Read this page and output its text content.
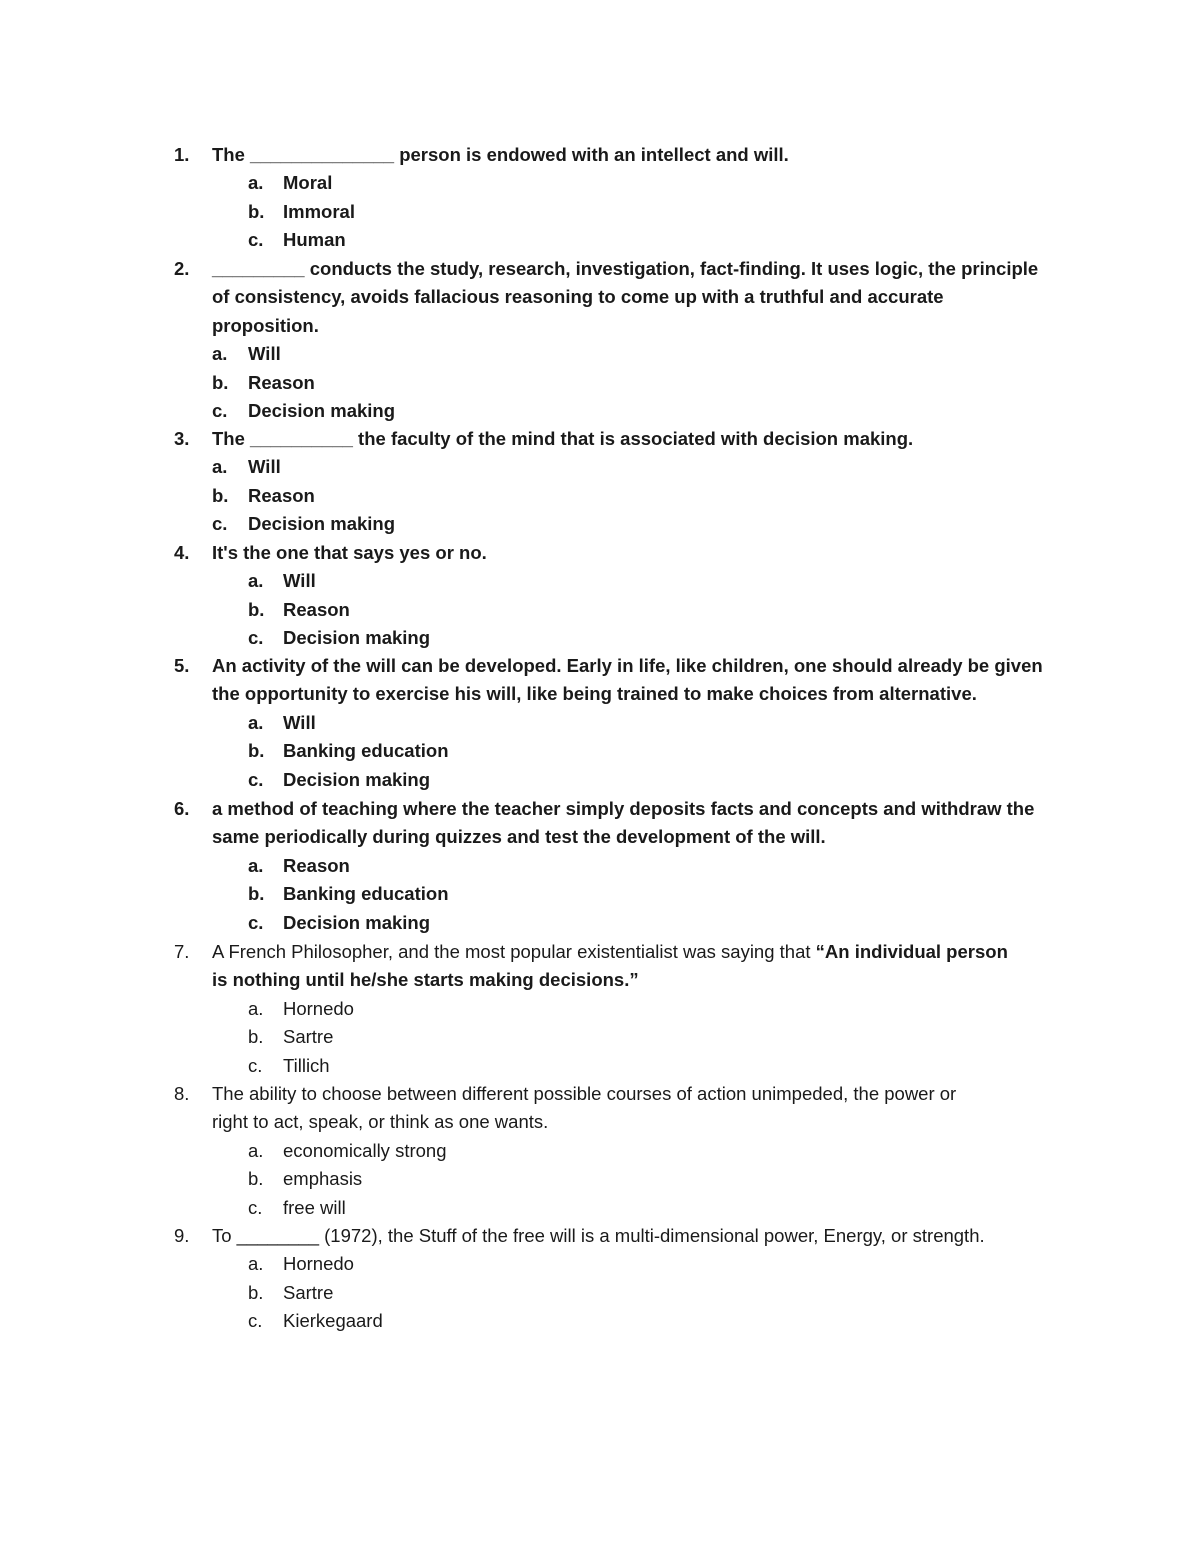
1. The ______________ person is endowed with an intellect and will.
a. Moral
b. Immoral
c. Human
2. _________ conducts the study, research, investigation, fact-finding. It uses logic, the principle
of consistency, avoids fallacious reasoning to come up with a truthful and accurate
proposition.
a. Will
b. Reason
c. Decision making
3. The __________ the faculty of the mind that is associated with decision making.
a. Will
b. Reason
c. Decision making
4. It's the one that says yes or no.
a. Will
b. Reason
c. Decision making
5. An activity of the will can be developed. Early in life, like children, one should already be given
the opportunity to exercise his will, like being trained to make choices from alternative.
a. Will
b. Banking education
c. Decision making
6. a method of teaching where the teacher simply deposits facts and concepts and withdraw the
same periodically during quizzes and test the development of the will.
a. Reason
b. Banking education
c. Decision making
7. A French Philosopher, and the most popular existentialist was saying that “An individual person
is nothing until he/she starts making decisions.”
a. Hornedo
b. Sartre
c. Tillich
8. The ability to choose between different possible courses of action unimpeded, the power or
right to act, speak, or think as one wants.
a. economically strong
b. emphasis
c. free will
9. To ________ (1972), the Stuff of the free will is a multi-dimensional power, Energy, or strength.
a. Hornedo
b. Sartre
c. Kierkegaard
